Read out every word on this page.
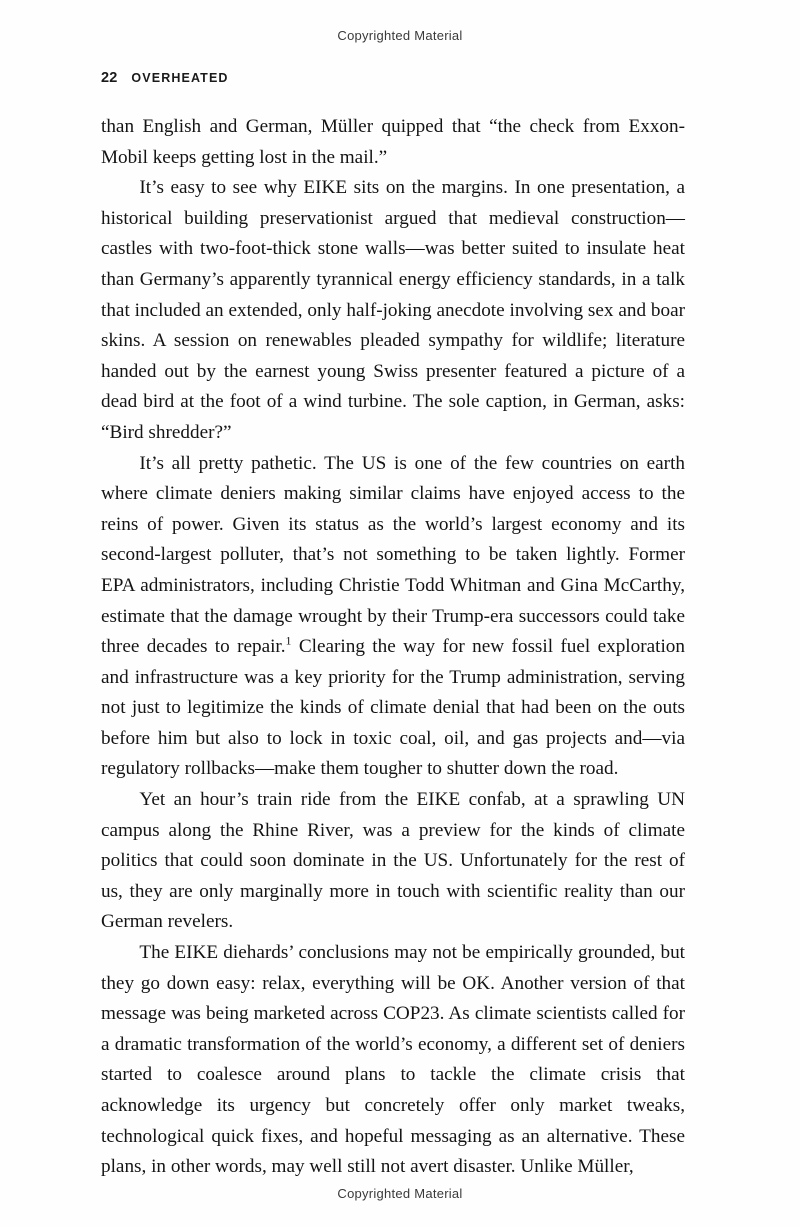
Copyrighted Material
22 OVERHEATED

than English and German, Müller quipped that “the check from Exxon-Mobil keeps getting lost in the mail.”

It’s easy to see why EIKE sits on the margins. In one presentation, a historical building preservationist argued that medieval construction—castles with two-foot-thick stone walls—was better suited to insulate heat than Germany’s apparently tyrannical energy efficiency standards, in a talk that included an extended, only half-joking anecdote involving sex and boar skins. A session on renewables pleaded sympathy for wildlife; literature handed out by the earnest young Swiss presenter featured a picture of a dead bird at the foot of a wind turbine. The sole caption, in German, asks: “Bird shredder?”

It’s all pretty pathetic. The US is one of the few countries on earth where climate deniers making similar claims have enjoyed access to the reins of power. Given its status as the world’s largest economy and its second-largest polluter, that’s not something to be taken lightly. Former EPA administrators, including Christie Todd Whitman and Gina McCarthy, estimate that the damage wrought by their Trump-era successors could take three decades to repair.$^1$ Clearing the way for new fossil fuel exploration and infrastructure was a key priority for the Trump administration, serving not just to legitimize the kinds of climate denial that had been on the outs before him but also to lock in toxic coal, oil, and gas projects and—via regulatory rollbacks—make them tougher to shutter down the road.

Yet an hour’s train ride from the EIKE confab, at a sprawling UN campus along the Rhine River, was a preview for the kinds of climate politics that could soon dominate in the US. Unfortunately for the rest of us, they are only marginally more in touch with scientific reality than our German revelers.

The EIKE diehards’ conclusions may not be empirically grounded, but they go down easy: relax, everything will be OK. Another version of that message was being marketed across COP23. As climate scientists called for a dramatic transformation of the world’s economy, a different set of deniers started to coalesce around plans to tackle the climate crisis that acknowledge its urgency but concretely offer only market tweaks, technological quick fixes, and hopeful messaging as an alternative. These plans, in other words, may well still not avert disaster. Unlike Müller,

Copyrighted Material
